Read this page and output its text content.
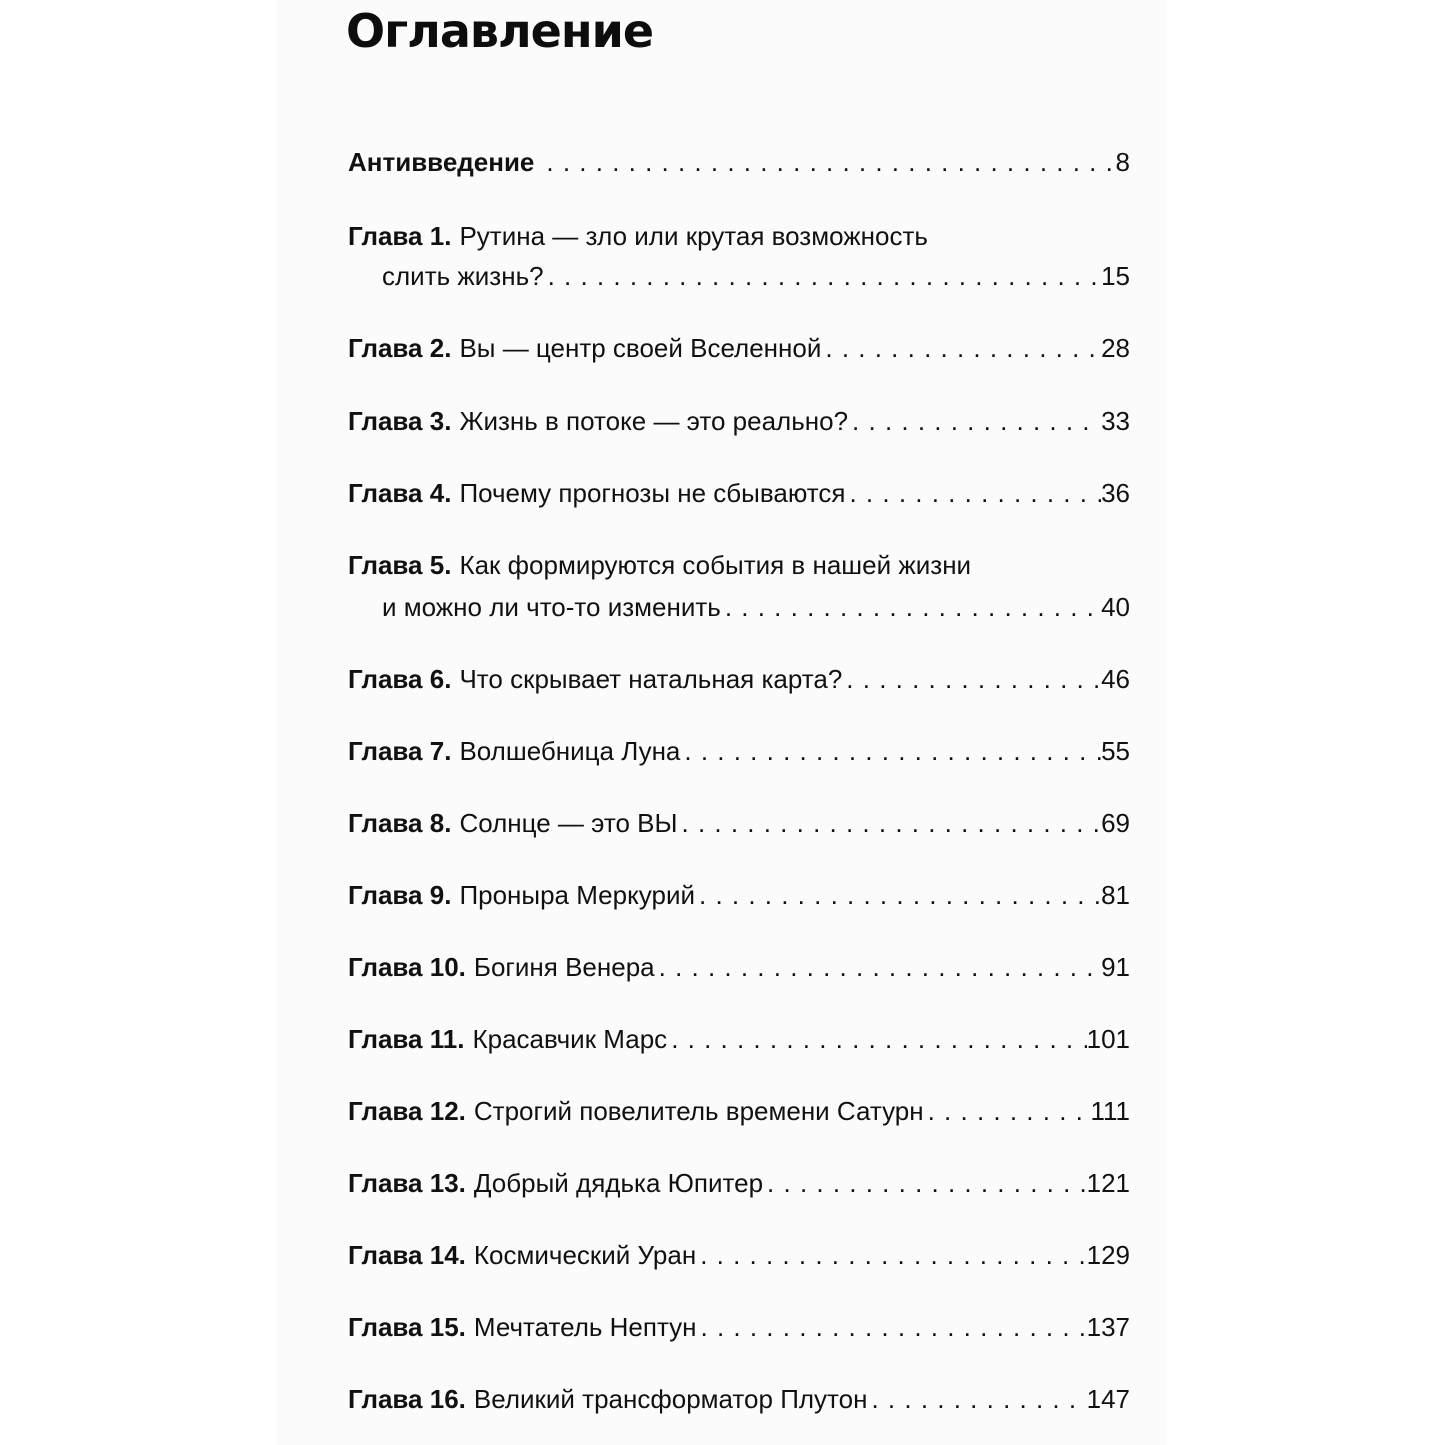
Оглавление
Антивведение . . .	8
Глава 1. Рутина — зло или крутая возможность
слить жизнь? . . .	15
Глава 2. Вы — центр своей Вселенной . . .	28
Глава 3. Жизнь в потоке — это реально? . . .	33
Глава 4. Почему прогнозы не сбываются . . .	36
Глава 5. Как формируются события в нашей жизни
и можно ли что-то изменить . . .	40
Глава 6. Что скрывает натальная карта? . . .	46
Глава 7. Волшебница Луна . . .	55
Глава 8. Солнце — это ВЫ . . .	69
Глава 9. Проныра Меркурий . . .	81
Глава 10. Богиня Венера . . .	91
Глава 11. Красавчик Марс . . .	101
Глава 12. Строгий повелитель времени Сатурн . . .	111
Глава 13. Добрый дядька Юпитер . . .	121
Глава 14. Космический Уран . . .	129
Глава 15. Мечтатель Нептун . . .	137
Глава 16. Великий трансформатор Плутон . . .	147
